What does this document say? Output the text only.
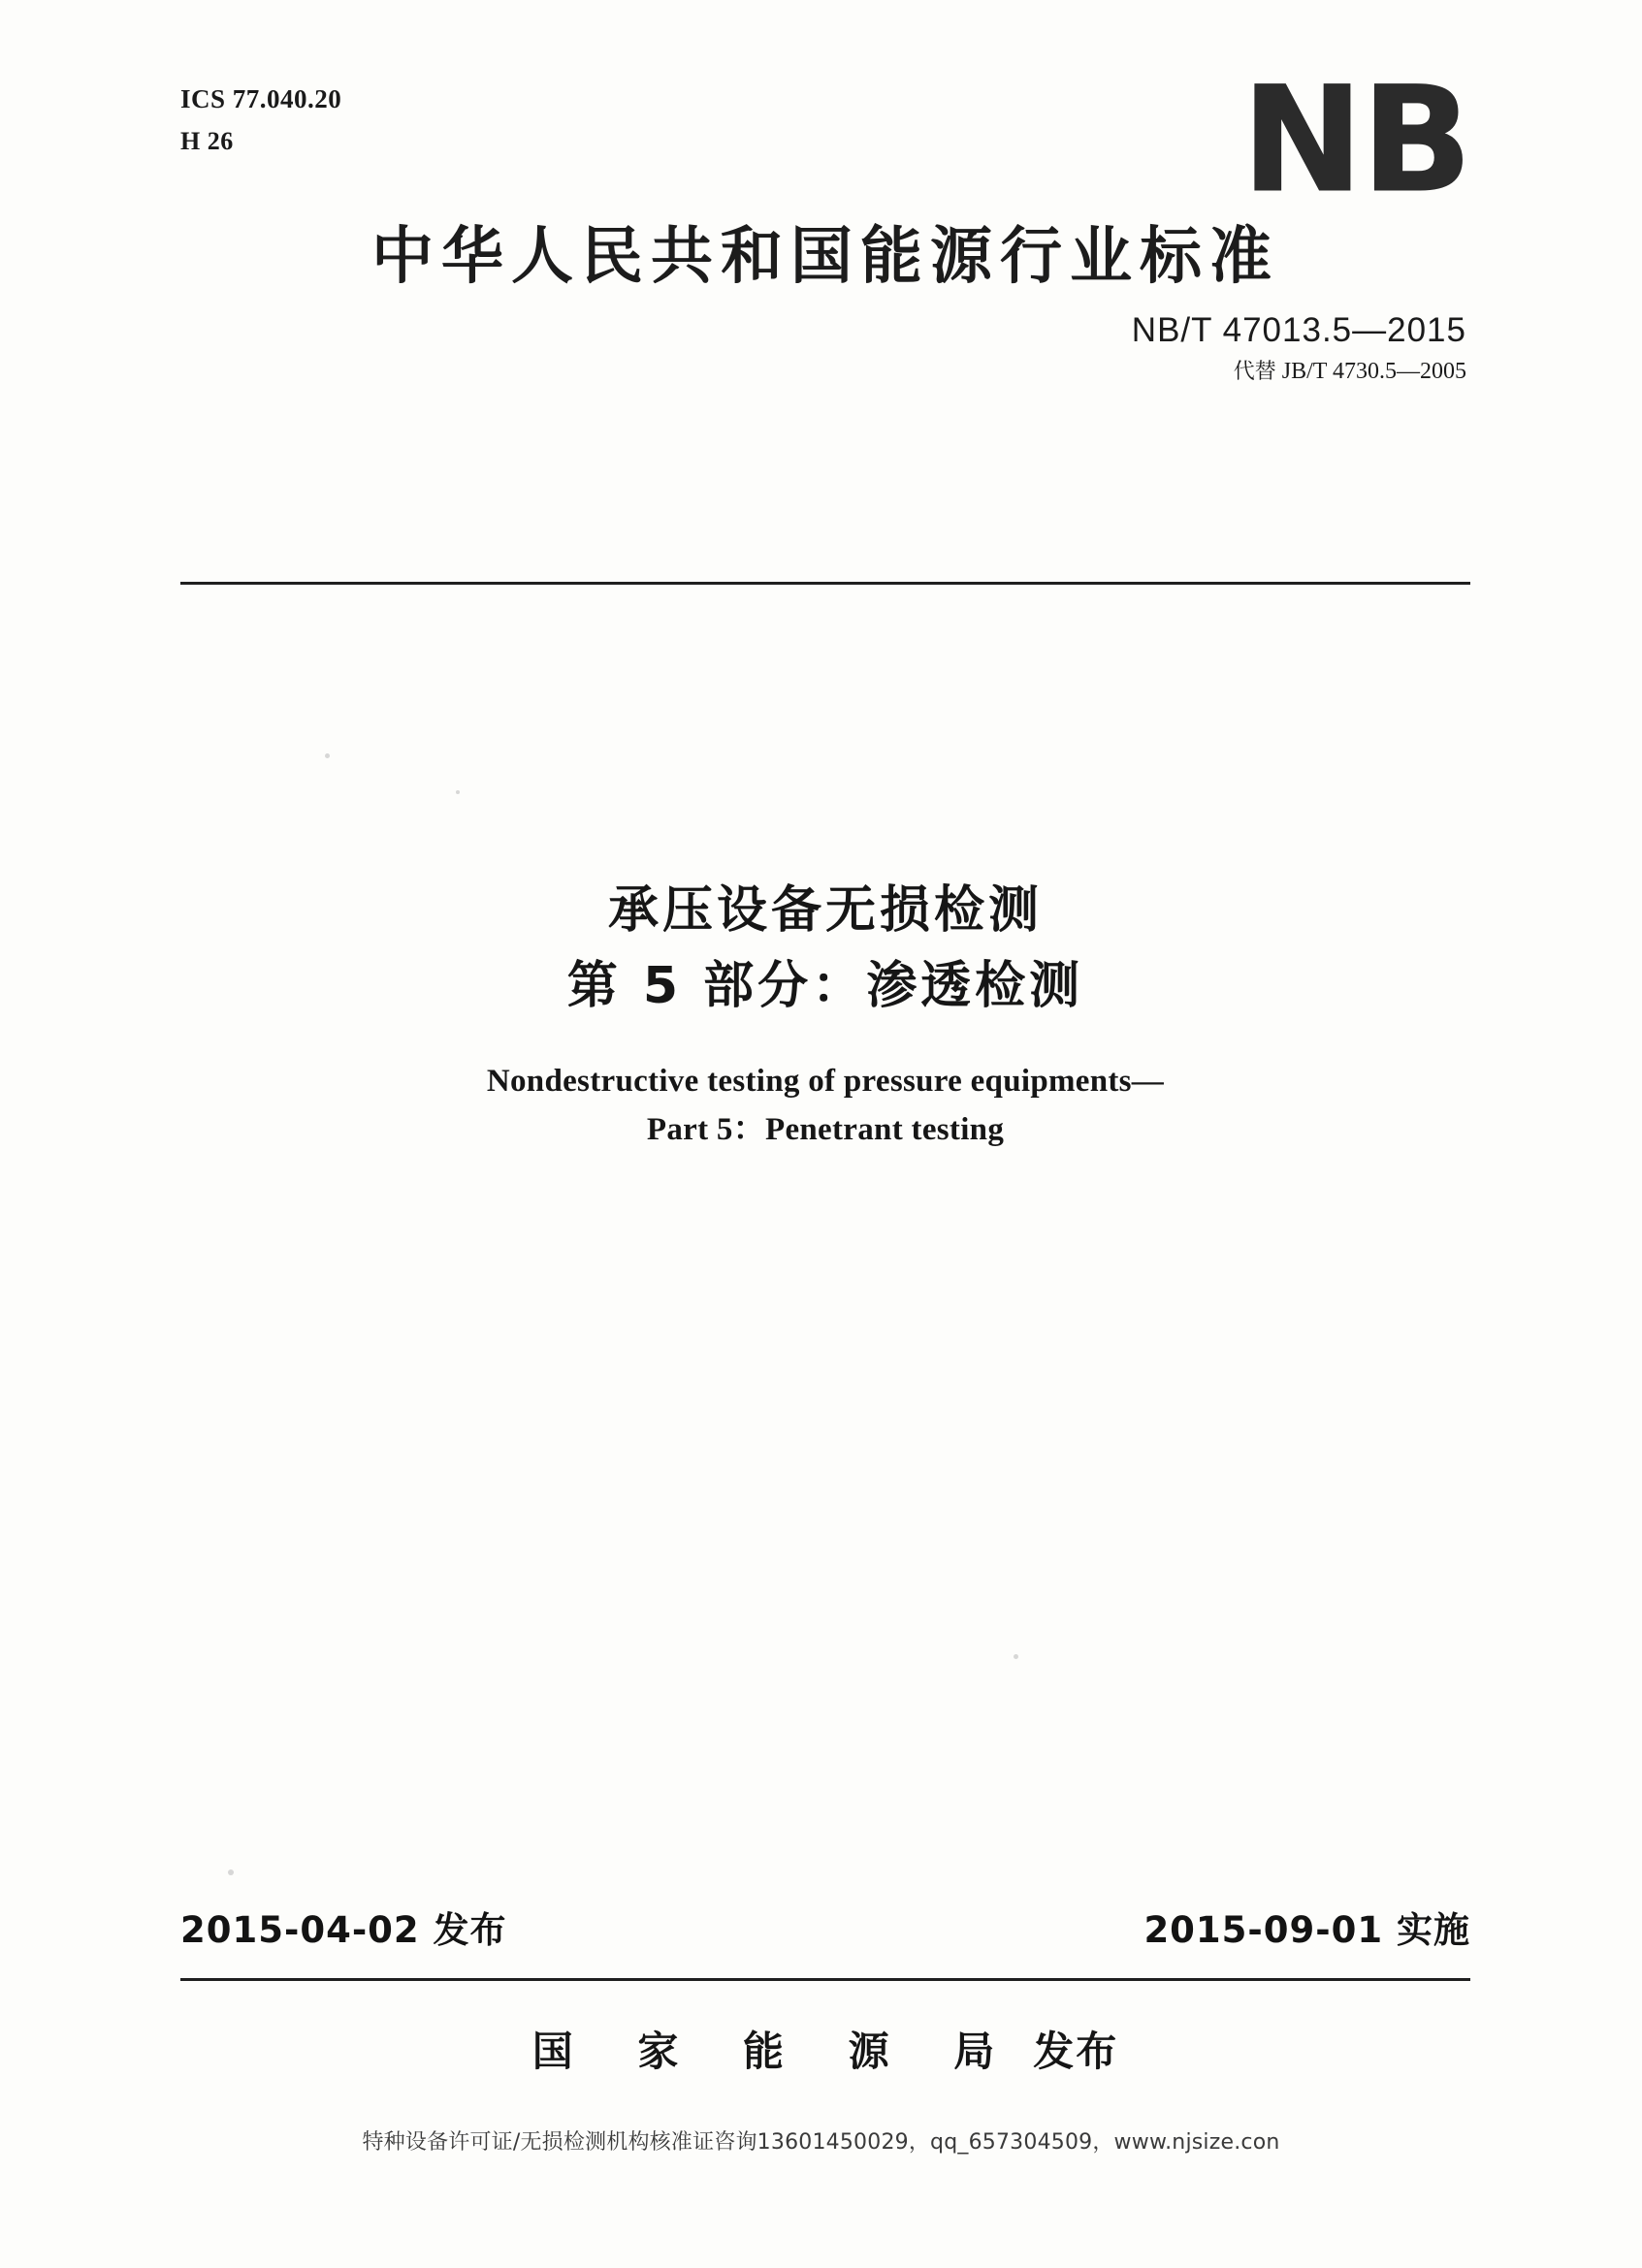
ICS 77.040.20
H 26	NB
中华人民共和国能源行业标准
NB/T 47013.5—2015
代替 JB/T 4730.5—2005
承压设备无损检测
第 5 部分：渗透检测
Nondestructive testing of pressure equipments—
Part 5：Penetrant testing
2015-04-02 发布	2015-09-01 实施
国 家 能 源 局 发布
特种设备许可证/无损检测机构核准证咨询13601450029，qq_657304509，www.njsize.con
